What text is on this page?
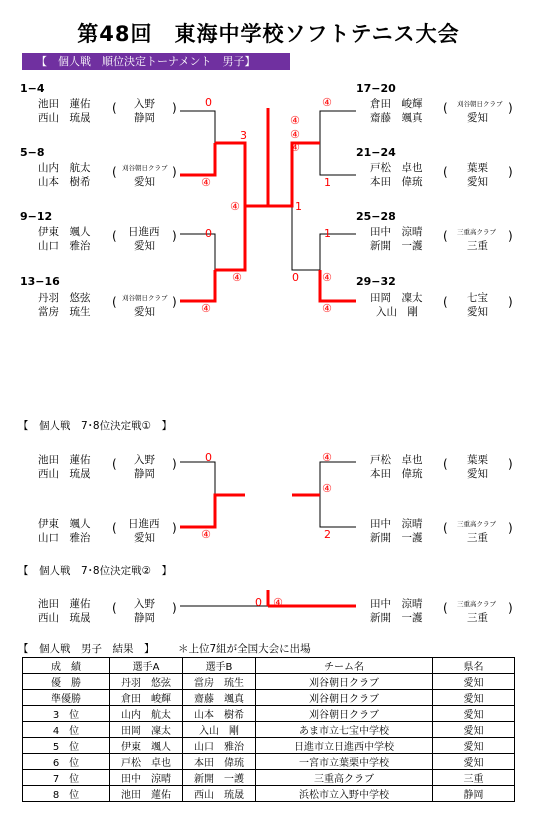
第48回　東海中学校ソフトテニス大会
【　個人戦　順位決定トーナメント　男子】
1−4
池田　蓮佑
西山　琉晟
( 入野
静岡
)
5−8
山内　航太
山本　樹希
( 刈谷朝日クラブ
愛知
)
9−12
伊東　颯人
山口　雅治
( 日進西
愛知
)
13−16
丹羽　悠弦
當房　琉生
( 刈谷朝日クラブ
愛知
)
17−20
倉田　峻輝
齋藤　颯真
( 刈谷朝日クラブ
愛知
)
21−24
戸松　卓也
本田　偉琉
( 葉栗
愛知
)
25−28
田中　涼晴
新開　一護
( 三重高クラブ
三重
)
29−32
田岡　凜太
入山　剛
( 七宝
愛知
)
0
④
3
④
④
0
④
④
④
④
1
④
1
1
④
0
④
【　個人戦　7･8位決定戦①　】
池田　蓮佑
西山　琉晟
( 入野
静岡
)
伊東　颯人
山口　雅治
( 日進西
愛知
)
戸松　卓也
本田　偉琉
( 葉栗
愛知
)
田中　涼晴
新開　一護
( 三重高クラブ
三重
)
0
④
④
④
2
【　個人戦　7･8位決定戦②　】
池田　蓮佑
西山　琉晟
( 入野
静岡
)	田中　涼晴
新開　一護
( 三重高クラブ
三重
)
0 ④
【　個人戦　男子　結果　】 ＊上位7組が全国大会に出場
成　績	選手A	選手B	チーム名	県名
優　勝	丹羽　悠弦	當房　琉生	刈谷朝日クラブ	愛知
準優勝	倉田　峻輝	齋藤　颯真	刈谷朝日クラブ	愛知
3　位	山内　航太	山本　樹希	刈谷朝日クラブ	愛知
4　位	田岡　凜太	入山　剛	あま市立七宝中学校	愛知
5　位	伊東　颯人	山口　雅治	日進市立日進西中学校	愛知
6　位	戸松　卓也	本田　偉琉	一宮市立葉栗中学校	愛知
7　位	田中　涼晴	新開　一護	三重高クラブ	三重
8　位	池田　蓮佑	西山　琉晟	浜松市立入野中学校	静岡
